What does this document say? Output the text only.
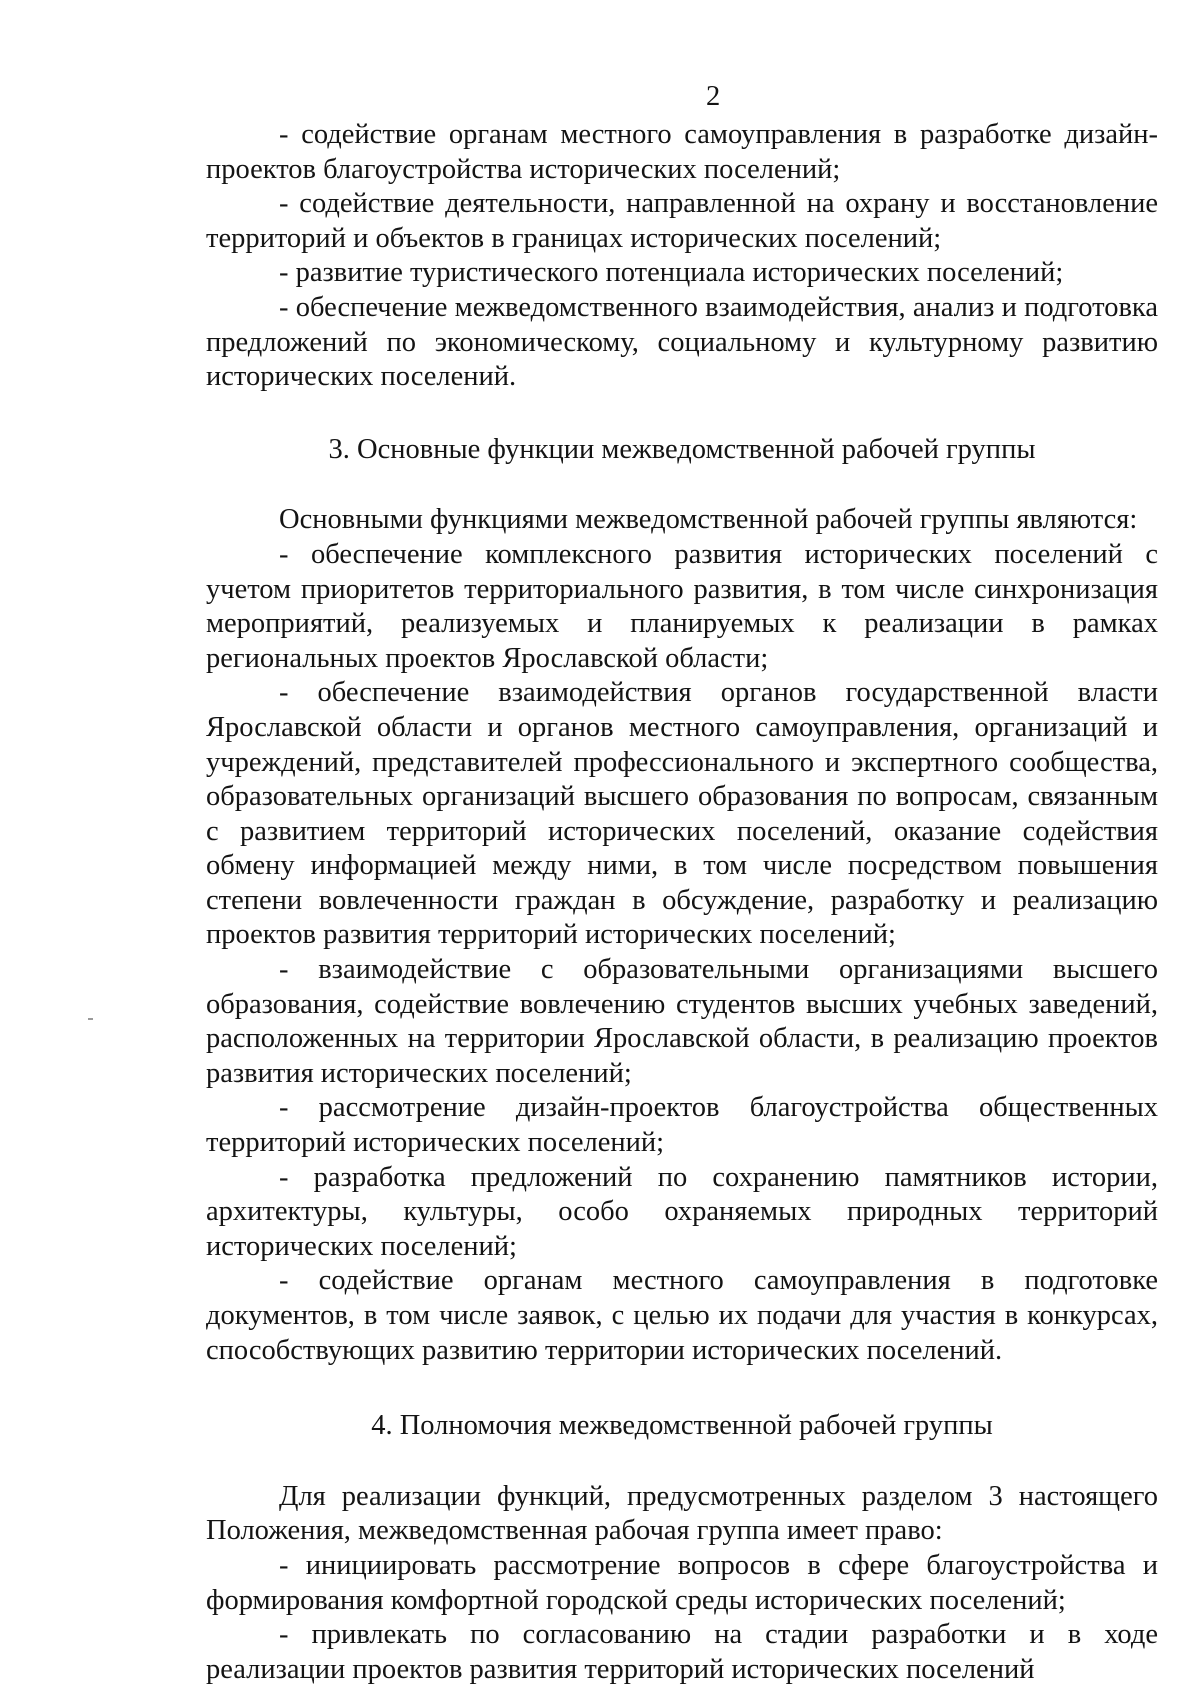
2

- содействие органам местного самоуправления в разработке дизайн-проектов благоустройства исторических поселений;

- содействие деятельности, направленной на охрану и восстановление территорий и объектов в границах исторических поселений;

- развитие туристического потенциала исторических поселений;

- обеспечение межведомственного взаимодействия, анализ и подготовка предложений по экономическому, социальному и культурному развитию исторических поселений.

3. Основные функции межведомственной рабочей группы

Основными функциями межведомственной рабочей группы являются:

- обеспечение комплексного развития исторических поселений с учетом приоритетов территориального развития, в том числе синхронизация мероприятий, реализуемых и планируемых к реализации в рамках региональных проектов Ярославской области;

- обеспечение взаимодействия органов государственной власти Ярославской области и органов местного самоуправления, организаций и учреждений, представителей профессионального и экспертного сообщества, образовательных организаций высшего образования по вопросам, связанным с развитием территорий исторических поселений, оказание содействия обмену информацией между ними, в том числе посредством повышения степени вовлеченности граждан в обсуждение, разработку и реализацию проектов развития территорий исторических поселений;

- взаимодействие с образовательными организациями высшего образования, содействие вовлечению студентов высших учебных заведений, расположенных на территории Ярославской области, в реализацию проектов развития исторических поселений;

- рассмотрение дизайн-проектов благоустройства общественных территорий исторических поселений;

- разработка предложений по сохранению памятников истории, архитектуры, культуры, особо охраняемых природных территорий исторических поселений;

- содействие органам местного самоуправления в подготовке документов, в том числе заявок, с целью их подачи для участия в конкурсах, способствующих развитию территории исторических поселений.

4. Полномочия межведомственной рабочей группы

Для реализации функций, предусмотренных разделом 3 настоящего Положения, межведомственная рабочая группа имеет право:

- инициировать рассмотрение вопросов в сфере благоустройства и формирования комфортной городской среды исторических поселений;

- привлекать по согласованию на стадии разработки и в ходе реализации проектов развития территорий исторических поселений
